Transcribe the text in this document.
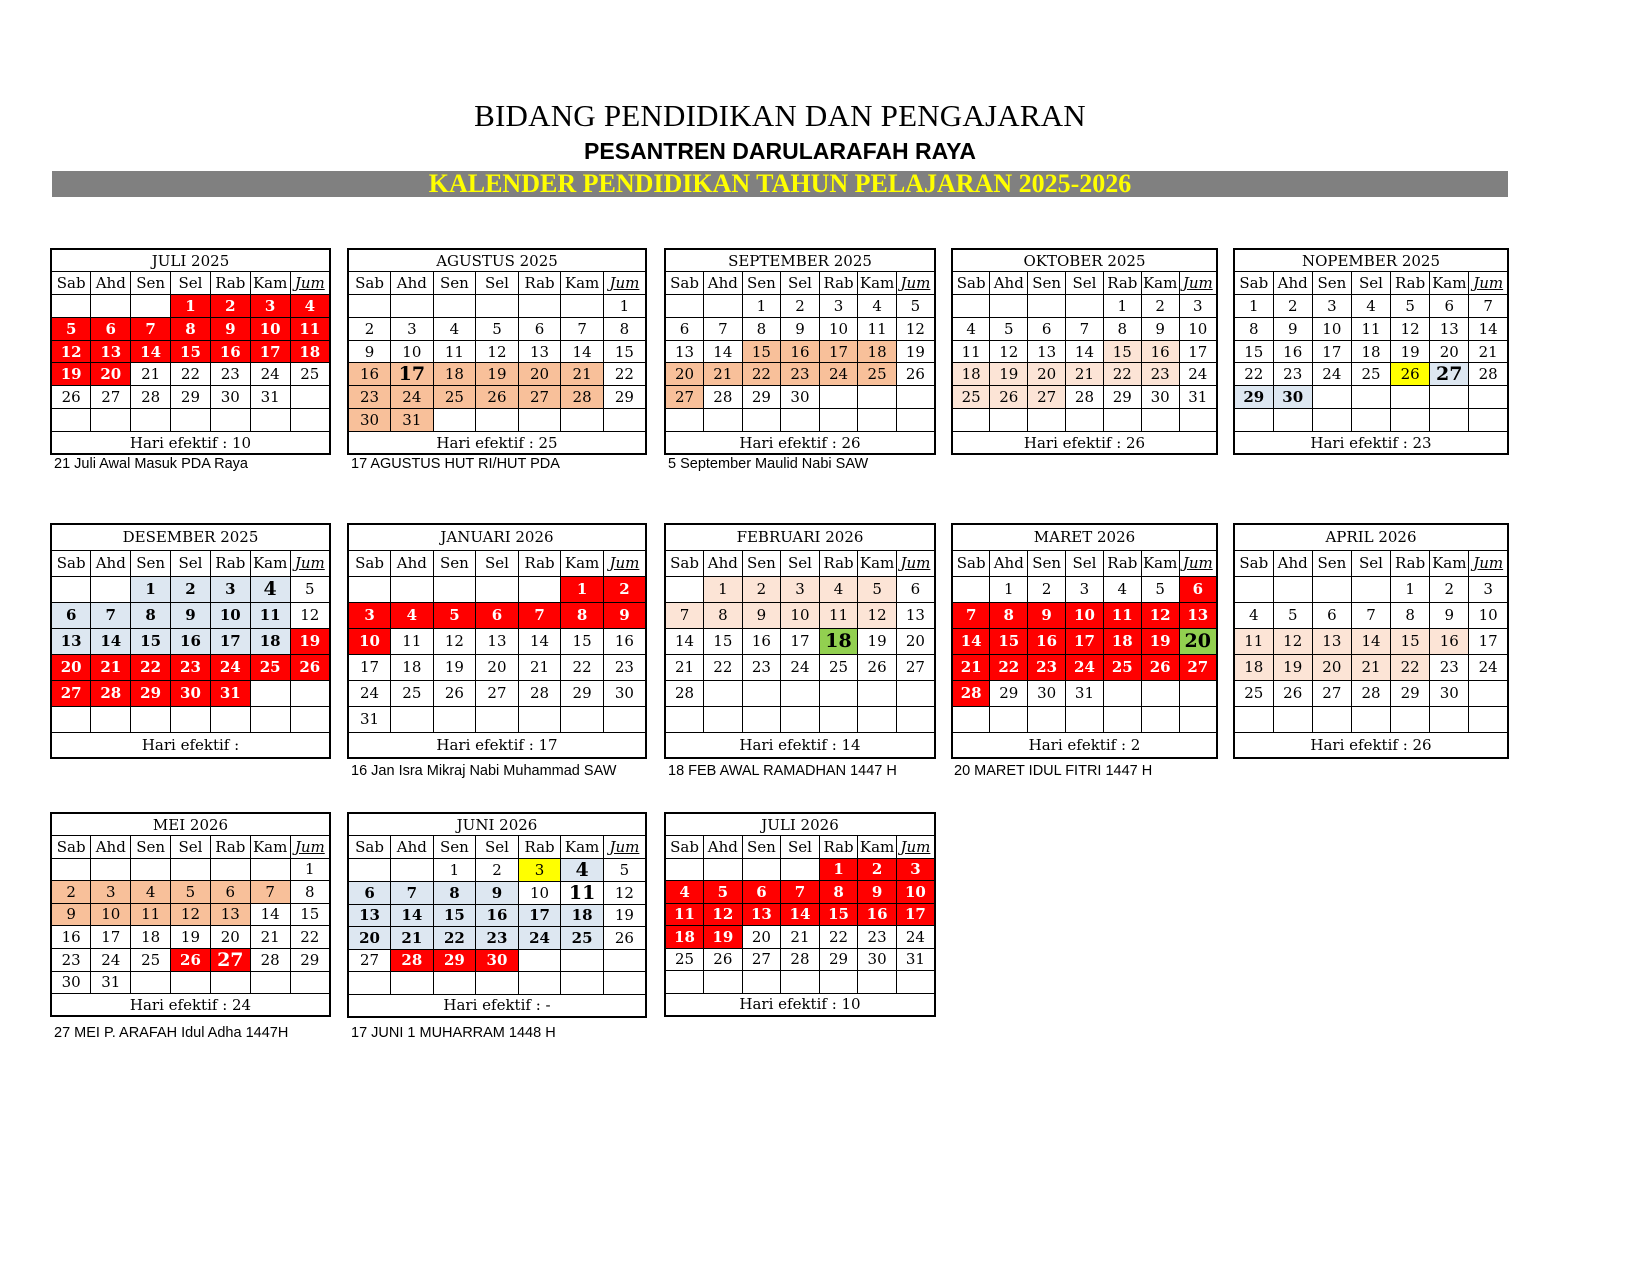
BIDANG PENDIDIKAN DAN PENGAJARAN
PESANTREN DARULARAFAH RAYA
KALENDER PENDIDIKAN TAHUN PELAJARAN 2025-2026
JULI 2025						
Sab	Ahd	Sen	Sel	Rab	Kam	Jum
			1	2	3	4
5	6	7	8	9	10	11
12	13	14	15	16	17	18
19	20	21	22	23	24	25
26	27	28	29	30	31	

Hari efektif : 10						
AGUSTUS 2025						
Sab	Ahd	Sen	Sel	Rab	Kam	Jum
						1
2	3	4	5	6	7	8
9	10	11	12	13	14	15
16	17	18	19	20	21	22
23	24	25	26	27	28	29
30	31					
Hari efektif : 25						
SEPTEMBER 2025						
Sab	Ahd	Sen	Sel	Rab	Kam	Jum
		1	2	3	4	5
6	7	8	9	10	11	12
13	14	15	16	17	18	19
20	21	22	23	24	25	26
27	28	29	30			

Hari efektif : 26						
OKTOBER 2025						
Sab	Ahd	Sen	Sel	Rab	Kam	Jum
				1	2	3
4	5	6	7	8	9	10
11	12	13	14	15	16	17
18	19	20	21	22	23	24
25	26	27	28	29	30	31

Hari efektif : 26						
NOPEMBER 2025						
Sab	Ahd	Sen	Sel	Rab	Kam	Jum
1	2	3	4	5	6	7
8	9	10	11	12	13	14
15	16	17	18	19	20	21
22	23	24	25	26	27	28
29	30					

Hari efektif : 23						
DESEMBER 2025						
Sab	Ahd	Sen	Sel	Rab	Kam	Jum
		1	2	3	4	5
6	7	8	9	10	11	12
13	14	15	16	17	18	19
20	21	22	23	24	25	26
27	28	29	30	31		

Hari efektif :						
JANUARI 2026						
Sab	Ahd	Sen	Sel	Rab	Kam	Jum
					1	2
3	4	5	6	7	8	9
10	11	12	13	14	15	16
17	18	19	20	21	22	23
24	25	26	27	28	29	30
31						
Hari efektif : 17						
FEBRUARI 2026						
Sab	Ahd	Sen	Sel	Rab	Kam	Jum
	1	2	3	4	5	6
7	8	9	10	11	12	13
14	15	16	17	18	19	20
21	22	23	24	25	26	27
28						

Hari efektif : 14						
MARET 2026						
Sab	Ahd	Sen	Sel	Rab	Kam	Jum
	1	2	3	4	5	6
7	8	9	10	11	12	13
14	15	16	17	18	19	20
21	22	23	24	25	26	27
28	29	30	31			

Hari efektif : 2						
APRIL 2026						
Sab	Ahd	Sen	Sel	Rab	Kam	Jum
				1	2	3
4	5	6	7	8	9	10
11	12	13	14	15	16	17
18	19	20	21	22	23	24
25	26	27	28	29	30	

Hari efektif : 26						
MEI 2026						
Sab	Ahd	Sen	Sel	Rab	Kam	Jum
						1
2	3	4	5	6	7	8
9	10	11	12	13	14	15
16	17	18	19	20	21	22
23	24	25	26	27	28	29
30	31					
Hari efektif : 24						
JUNI 2026						
Sab	Ahd	Sen	Sel	Rab	Kam	Jum
		1	2	3	4	5
6	7	8	9	10	11	12
13	14	15	16	17	18	19
20	21	22	23	24	25	26
27	28	29	30			

Hari efektif : -						
JULI 2026						
Sab	Ahd	Sen	Sel	Rab	Kam	Jum
				1	2	3
4	5	6	7	8	9	10
11	12	13	14	15	16	17
18	19	20	21	22	23	24
25	26	27	28	29	30	31

Hari efektif : 10						
21 Juli Awal Masuk PDA Raya	17 AGUSTUS HUT RI/HUT PDA	5 September Maulid Nabi SAW
16 Jan Isra Mikraj Nabi Muhammad SAW	18 FEB AWAL RAMADHAN 1447 H	20 MARET IDUL FITRI 1447 H
27 MEI P. ARAFAH Idul Adha 1447H	17 JUNI 1 MUHARRAM 1448 H
